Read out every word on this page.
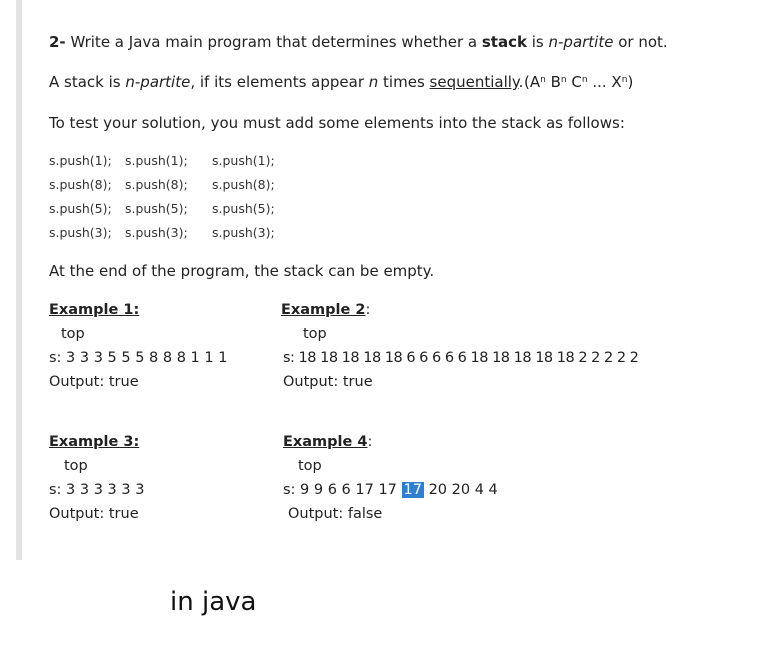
2- Write a Java main program that determines whether a stack is n-partite or not.
A stack is n-partite, if its elements appear n times sequentially. ($A^n$ $B^n$ $C^n$ ... $X^n$)
To test your solution, you must add some elements into the stack as follows:
s.push(1);
s.push(8);
s.push(5);
s.push(3);
s.push(1);
s.push(8);
s.push(5);
s.push(3);
s.push(1);
s.push(8);
s.push(5);
s.push(3);
At the end of the program, the stack can be empty.
Example 1:
top
s: 3 3 3 5 5 5 8 8 8 1 1 1
Output: true
Example 2:
top
s: 18 18 18 18 18 6 6 6 6 6 18 18 18 18 18 2 2 2 2 2
Output: true
Example 3:
top
s: 3 3 3 3 3 3
Output: true
Example 4:
top
s: 9 9 6 6 17 17 17 20 20 4 4
Output: false
in java
